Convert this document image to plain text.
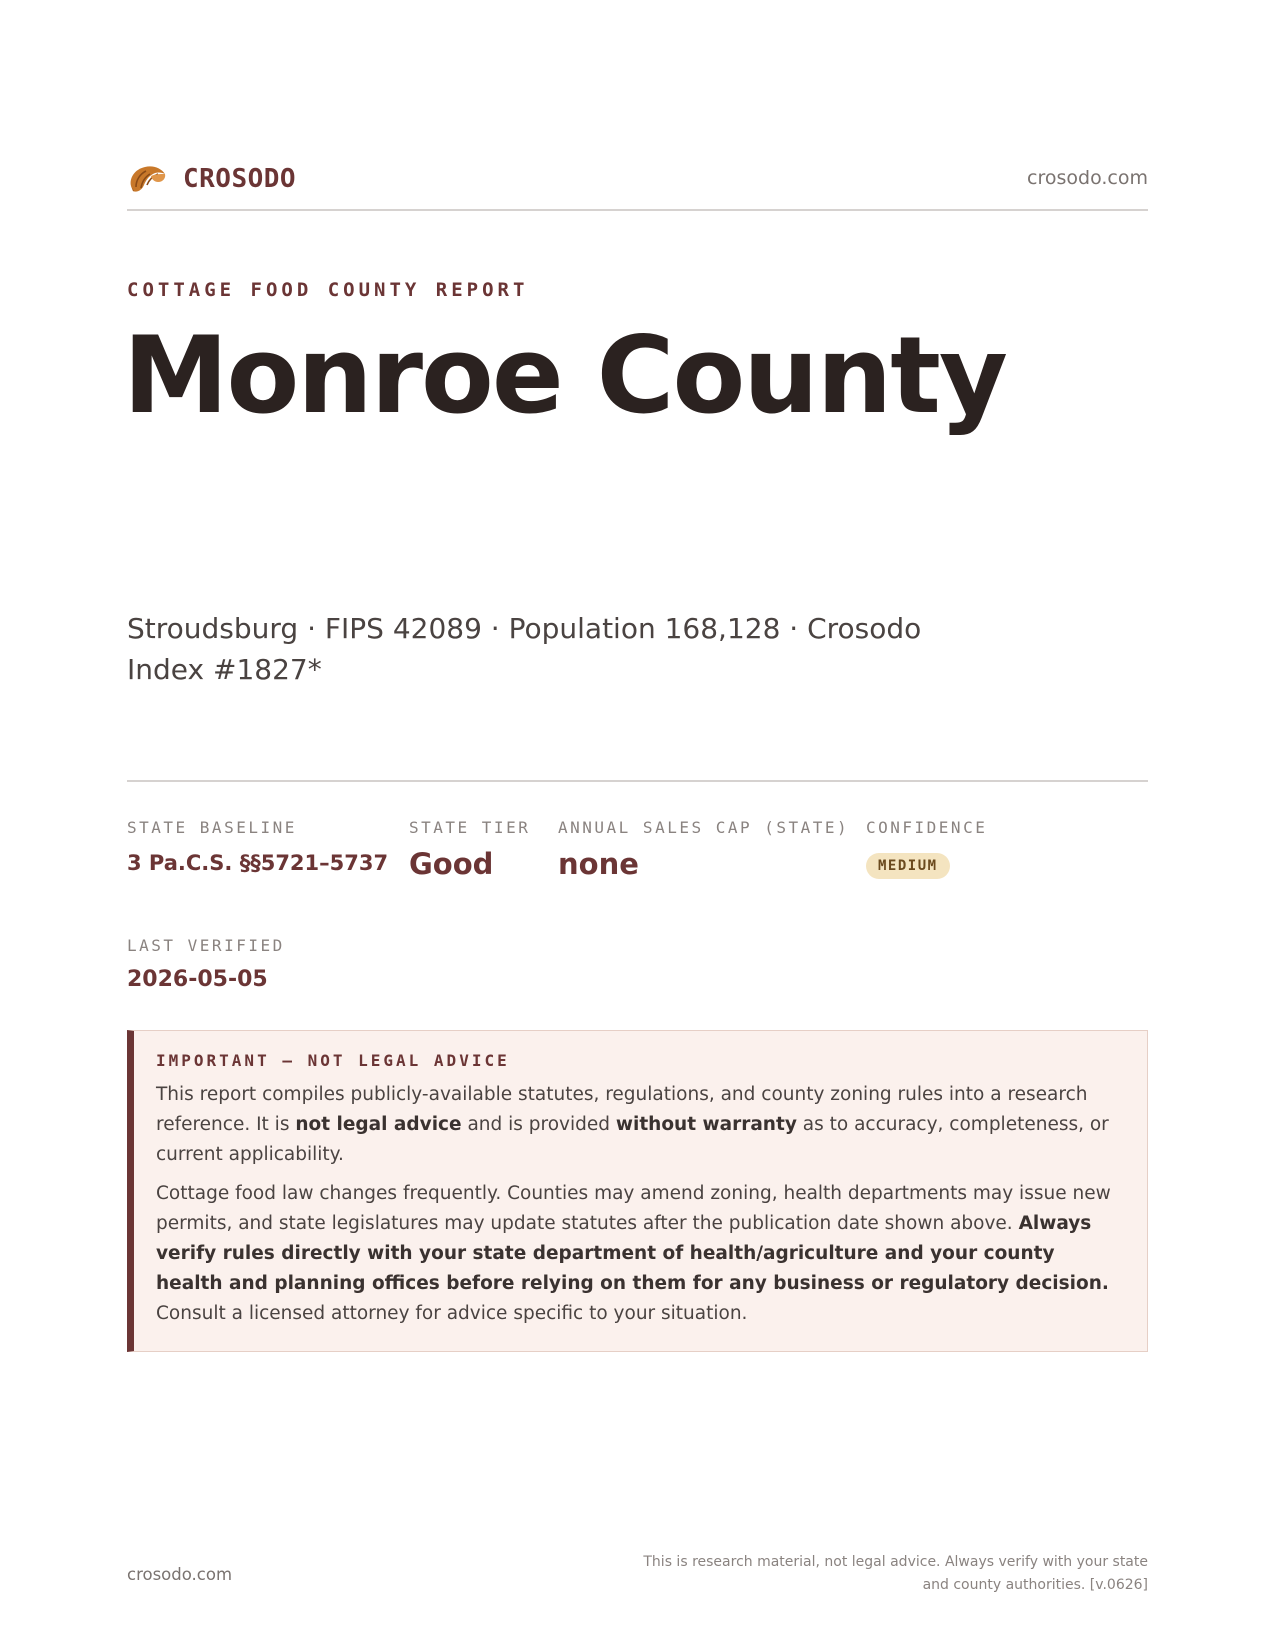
CROSODO	crosodo.com
COTTAGE FOOD COUNTY REPORT
Monroe County
Stroudsburg · FIPS 42089 · Population 168,128 · Crosodo Index #1827*
STATE BASELINE
3 Pa.C.S. §§5721–5737
STATE TIER
Good
ANNUAL SALES CAP (STATE)
none
CONFIDENCE
MEDIUM
LAST VERIFIED
2026-05-05
IMPORTANT — NOT LEGAL ADVICE
This report compiles publicly-available statutes, regulations, and county zoning rules into a research reference. It is not legal advice and is provided without warranty as to accuracy, completeness, or current applicability.
Cottage food law changes frequently. Counties may amend zoning, health departments may issue new permits, and state legislatures may update statutes after the publication date shown above. Always verify rules directly with your state department of health/agriculture and your county health and planning offices before relying on them for any business or regulatory decision. Consult a licensed attorney for advice specific to your situation.
crosodo.com
This is research material, not legal advice. Always verify with your state
and county authorities. [v.0626]
